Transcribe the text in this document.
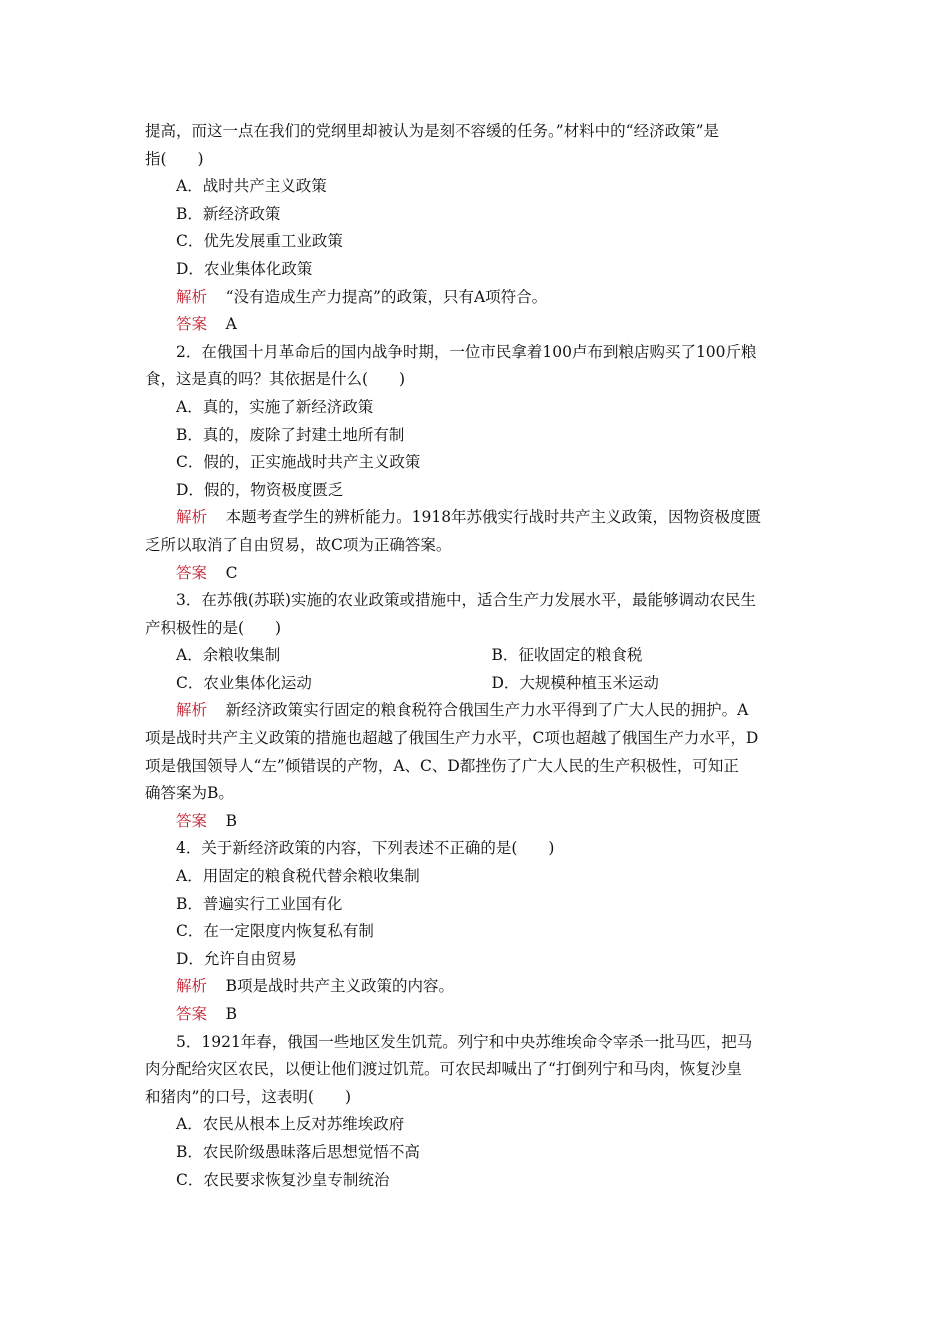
提高，而这一点在我们的党纲里却被认为是刻不容缓的任务。”材料中的“经济政策”是
指(　　)
A．战时共产主义政策
B．新经济政策
C．优先发展重工业政策
D．农业集体化政策
解析 “没有造成生产力提高”的政策，只有A项符合。
答案 A
2．在俄国十月革命后的国内战争时期，一位市民拿着100卢布到粮店购买了100斤粮
食，这是真的吗？其依据是什么(　　)
A．真的，实施了新经济政策
B．真的，废除了封建土地所有制
C．假的，正实施战时共产主义政策
D．假的，物资极度匮乏
解析 本题考查学生的辨析能力。1918年苏俄实行战时共产主义政策，因物资极度匮
乏所以取消了自由贸易，故C项为正确答案。
答案 C
3．在苏俄(苏联)实施的农业政策或措施中，适合生产力发展水平，最能够调动农民生
产积极性的是(　　)
A．余粮收集制	B．征收固定的粮食税
C．农业集体化运动	D．大规模种植玉米运动
解析 新经济政策实行固定的粮食税符合俄国生产力水平得到了广大人民的拥护。A
项是战时共产主义政策的措施也超越了俄国生产力水平，C项也超越了俄国生产力水平，D
项是俄国领导人“左”倾错误的产物，A、C、D都挫伤了广大人民的生产积极性，可知正
确答案为B。
答案 B
4．关于新经济政策的内容，下列表述不正确的是(　　)
A．用固定的粮食税代替余粮收集制
B．普遍实行工业国有化
C．在一定限度内恢复私有制
D．允许自由贸易
解析 B项是战时共产主义政策的内容。
答案 B
5．1921年春，俄国一些地区发生饥荒。列宁和中央苏维埃命令宰杀一批马匹，把马
肉分配给灾区农民，以便让他们渡过饥荒。可农民却喊出了“打倒列宁和马肉，恢复沙皇
和猪肉”的口号，这表明(　　)
A．农民从根本上反对苏维埃政府
B．农民阶级愚昧落后思想觉悟不高
C．农民要求恢复沙皇专制统治
